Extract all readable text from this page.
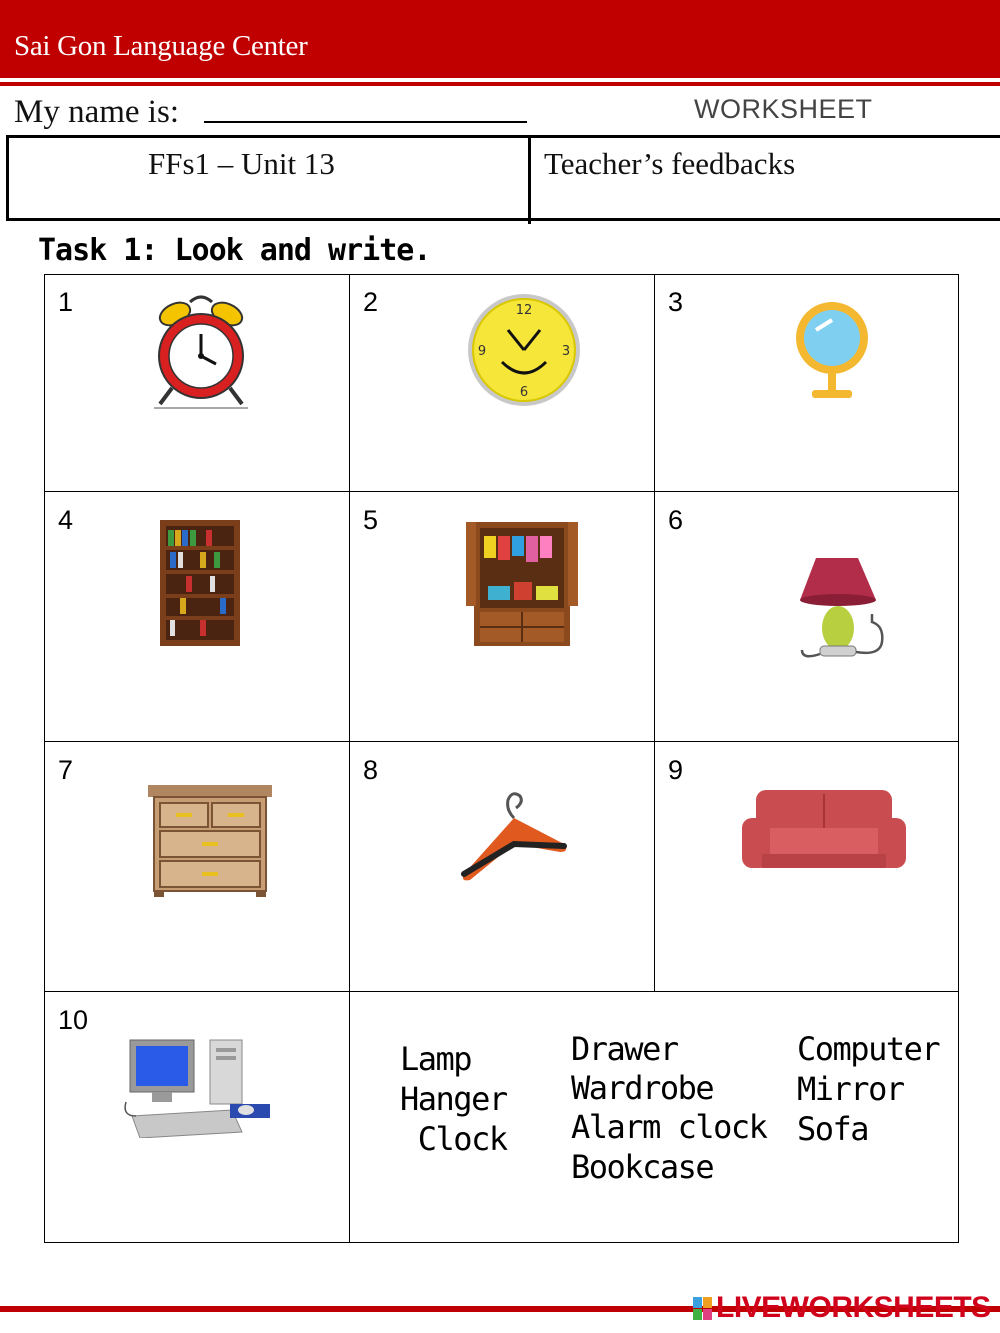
Sai Gon Language Center
My name is:	WORKSHEET
FFs1 – Unit 13	Teacher’s feedbacks
Task 1: Look and write.
1	2	3
4	5	6
7	8	9
10
12
3
6
9
Lamp
Hanger
Clock
Drawer
Wardrobe
Alarm clock
Bookcase
Computer
Mirror
Sofa
LIVEWORKSHEETS
